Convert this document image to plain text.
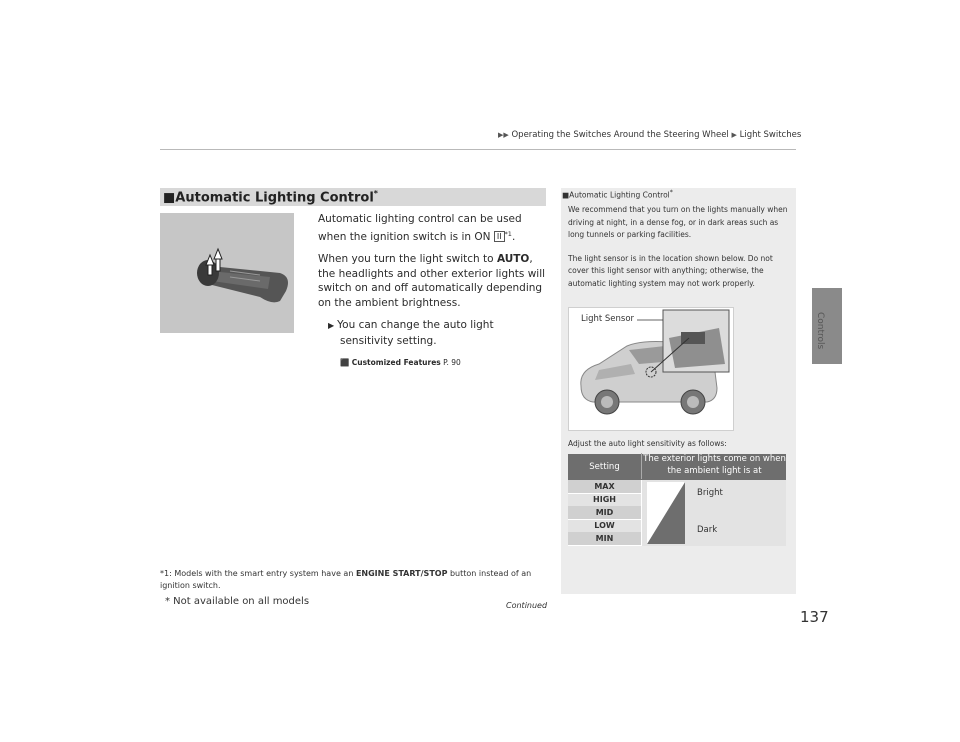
▶▶ Operating the Switches Around the Steering Wheel ▶ Light Switches
Controls
■Automatic Lighting Control*

Automatic lighting control can be used when the ignition switch is in ON II $^{*1}$.

When you turn the light switch to AUTO, the headlights and other exterior lights will switch on and off automatically depending on the ambient brightness.

▶ You can change the auto light sensitivity setting.

⬛ Customized Features P. 90
*1: Models with the smart entry system have an ENGINE START/STOP button instead of an ignition switch.
■Automatic Lighting Control*

We recommend that you turn on the lights manually when driving at night, in a dense fog, or in dark areas such as long tunnels or parking facilities.

The light sensor is in the location shown below. Do not cover this light sensor with anything; otherwise, the automatic lighting system may not work properly.

Light Sensor
Adjust the auto light sensitivity as follows:
Setting
The exterior lights come on when the ambient light is at
MAX
HIGH
MID
LOW
MIN
Bright
Dark
Continued
137
* Not available on all models
